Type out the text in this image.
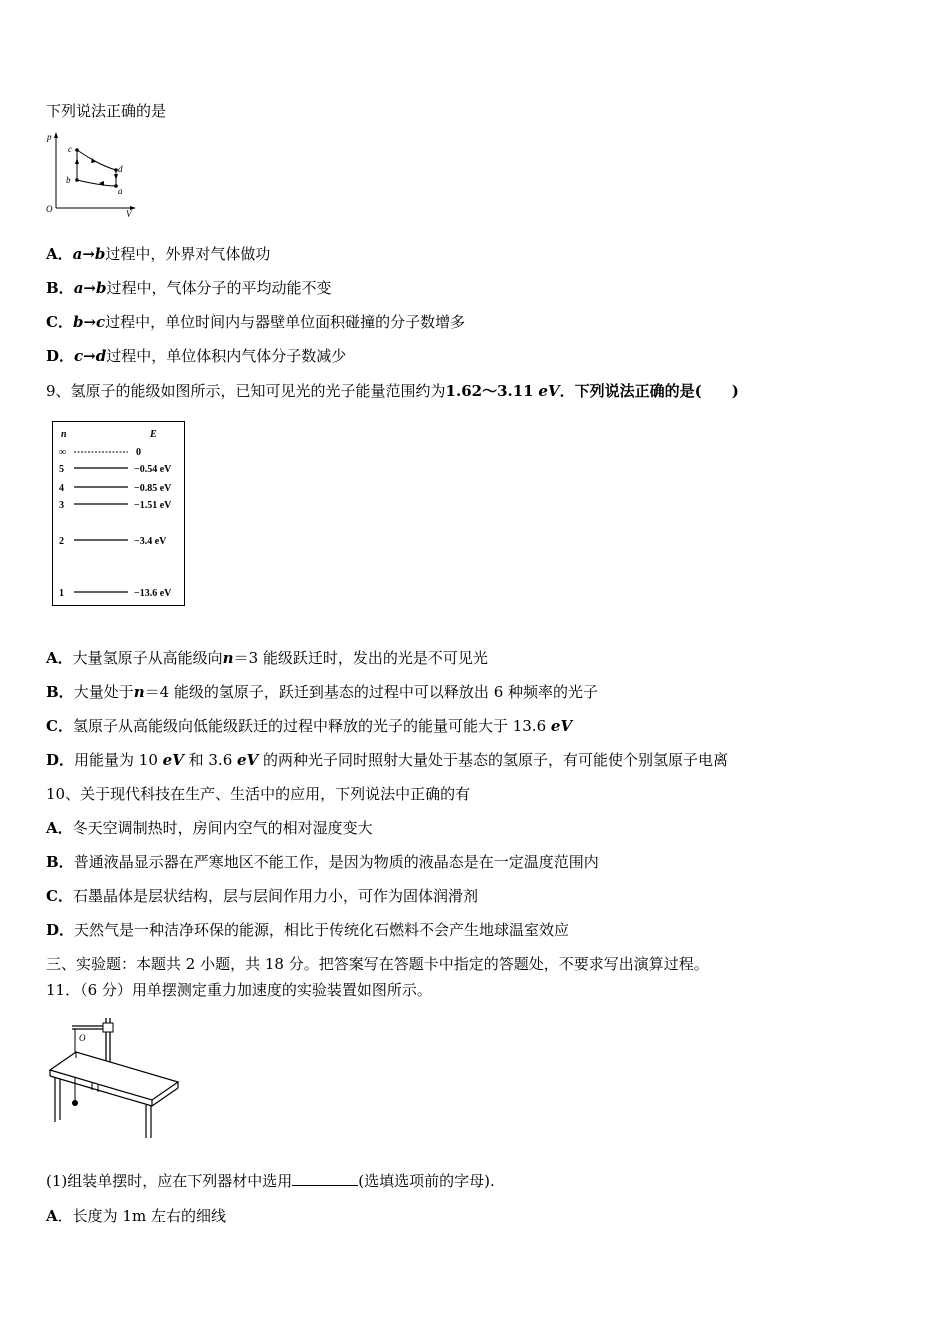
下列说法正确的是
p
V
O
c
d
b
a
A．a→b过程中，外界对气体做功
B．a→b过程中，气体分子的平均动能不变
C．b→c过程中，单位时间内与器壁单位面积碰撞的分子数增多
D．c→d过程中，单位体积内气体分子数减少
9、氢原子的能级如图所示，已知可见光的光子能量范围约为1.62～3.11 eV．下列说法正确的是(　　)
n	E
∞	0
5	−0.54 eV
4	−0.85 eV
3	−1.51 eV
2	−3.4 eV
1	−13.6 eV
A．大量氢原子从高能级向n＝3 能级跃迁时，发出的光是不可见光
B．大量处于n＝4 能级的氢原子，跃迁到基态的过程中可以释放出 6 种频率的光子
C．氢原子从高能级向低能级跃迁的过程中释放的光子的能量可能大于 13.6 eV
D．用能量为 10 eV 和 3.6 eV 的两种光子同时照射大量处于基态的氢原子，有可能使个别氢原子电离
10、关于现代科技在生产、生活中的应用，下列说法中正确的有
A．冬天空调制热时，房间内空气的相对湿度变大
B．普通液晶显示器在严寒地区不能工作，是因为物质的液晶态是在一定温度范围内
C．石墨晶体是层状结构，层与层间作用力小，可作为固体润滑剂
D．天然气是一种洁净环保的能源，相比于传统化石燃料不会产生地球温室效应
三、实验题：本题共 2 小题，共 18 分。把答案写在答题卡中指定的答题处，不要求写出演算过程。
11．（6 分）用单摆测定重力加速度的实验装置如图所示。
O
(1)组装单摆时，应在下列器材中选用	(选填选项前的字母).
A．长度为 1m 左右的细线
